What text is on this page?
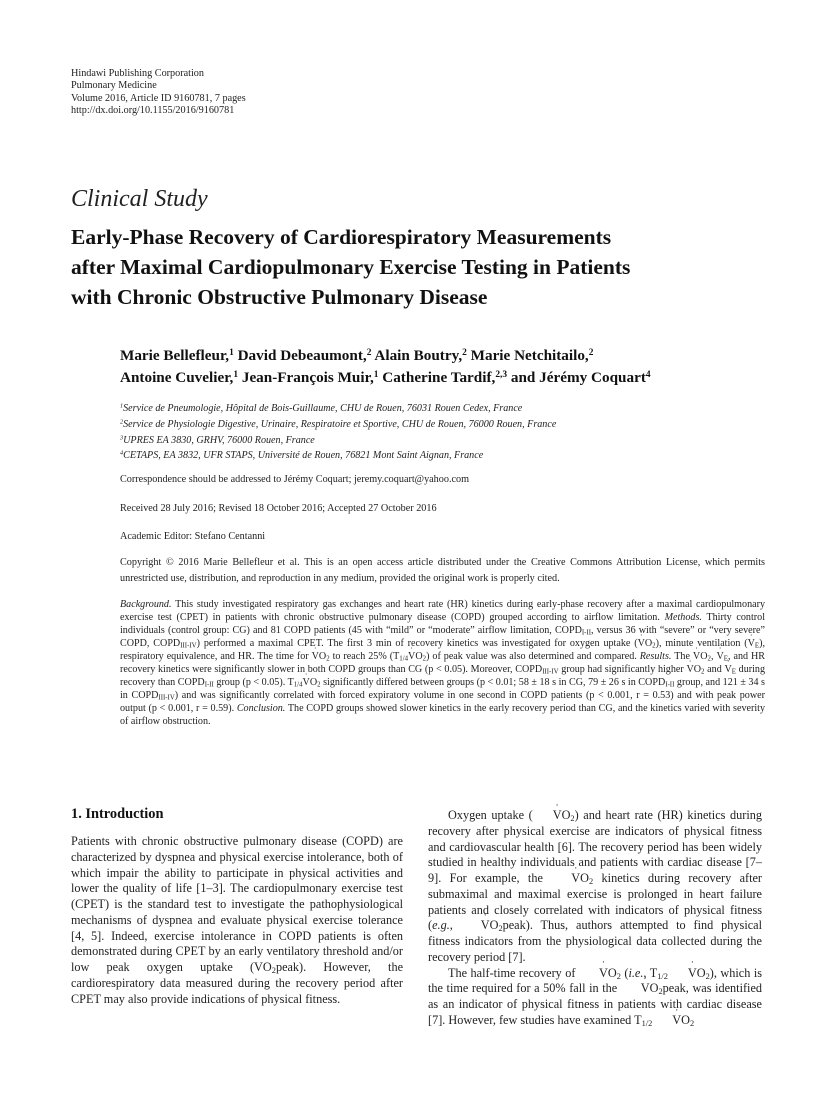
Hindawi Publishing Corporation
Pulmonary Medicine
Volume 2016, Article ID 9160781, 7 pages
http://dx.doi.org/10.1155/2016/9160781
Clinical Study
Early-Phase Recovery of Cardiorespiratory Measurements
after Maximal Cardiopulmonary Exercise Testing in Patients
with Chronic Obstructive Pulmonary Disease
Marie Bellefleur,$^1$ David Debeaumont,$^2$ Alain Boutry,$^2$ Marie Netchitailo,$^2$
Antoine Cuvelier,$^1$ Jean-François Muir,$^1$ Catherine Tardif,$^{2,3}$ and Jérémy Coquart$^4$
$^1$Service de Pneumologie, Hôpital de Bois-Guillaume, CHU de Rouen, 76031 Rouen Cedex, France
$^2$Service de Physiologie Digestive, Urinaire, Respiratoire et Sportive, CHU de Rouen, 76000 Rouen, France
$^3$UPRES EA 3830, GRHV, 76000 Rouen, France
$^4$CETAPS, EA 3832, UFR STAPS, Université de Rouen, 76821 Mont Saint Aignan, France
Correspondence should be addressed to Jérémy Coquart; jeremy.coquart@yahoo.com
Received 28 July 2016; Revised 18 October 2016; Accepted 27 October 2016
Academic Editor: Stefano Centanni
Copyright © 2016 Marie Bellefleur et al. This is an open access article distributed under the Creative Commons Attribution License, which permits unrestricted use, distribution, and reproduction in any medium, provided the original work is properly cited.
Background. This study investigated respiratory gas exchanges and heart rate (HR) kinetics during early-phase recovery after a maximal cardiopulmonary exercise test (CPET) in patients with chronic obstructive pulmonary disease (COPD) grouped according to airflow limitation. Methods. Thirty control individuals (control group: CG) and 81 COPD patients (45 with “mild” or “moderate” airflow limitation, $COPD_{I-II}$, versus 36 with “severe” or “very severe” COPD, $COPD_{III-IV}$) performed a maximal CPET. The first 3 min of recovery kinetics was investigated for oxygen uptake (˙ $VO_2$), minute ventilation (˙ $V_E$), respiratory equivalence, and HR. The time for ˙ $VO_2$ to reach 25% ($T_{1/4}˙$ $VO_2$) of peak value was also determined and compared. Results. The ˙ $VO_2$, ˙ $V_E$, and HR recovery kinetics were significantly slower in both COPD groups than CG (p < 0.05). Moreover, $COPD_{III-IV}$ group had significantly higher ˙ $VO_2$ and ˙ $V_E$ during recovery than $COPD_{I-II}$ group (p < 0.05). $T_{1/4}˙$ $VO_2$ significantly differed between groups (p < 0.01; 58 ± 18 s in CG, 79 ± 26 s in $COPD_{I-II}$ group, and 121 ± 34 s in $COPD_{III-IV}$) and was significantly correlated with forced expiratory volume in one second in COPD patients (p < 0.001, r = 0.53) and with peak power output (p < 0.001, r = 0.59). Conclusion. The COPD groups showed slower kinetics in the early recovery period than CG, and the kinetics varied with severity of airflow obstruction.
1. Introduction

Patients with chronic obstructive pulmonary disease (COPD) are characterized by dyspnea and physical exercise intolerance, both of which impair the ability to participate in physical activities and lower the quality of life [1–3]. The cardiopulmonary exercise test (CPET) is the standard test to investigate the pathophysiological mechanisms of dyspnea and evaluate physical exercise tolerance [4, 5]. Indeed, exercise intolerance in COPD patients is often demonstrated during CPET by an early ventilatory threshold and/or low peak oxygen uptake (˙ $VO_2peak$). However, the cardiorespiratory data measured during the recovery period after CPET may also provide indications of physical fitness.

Oxygen uptake (˙ $VO_2$) and heart rate (HR) kinetics during recovery after physical exercise are indicators of physical fitness and cardiovascular health [6]. The recovery period has been widely studied in healthy individuals and patients with cardiac disease [7–9]. For example, the ˙ $VO_2$ kinetics during recovery after submaximal and maximal exercise is prolonged in heart failure patients and closely correlated with indicators of physical fitness (e.g., ˙ $VO_2peak$). Thus, authors attempted to find physical fitness indicators from the physiological data collected during the recovery period [7].

The half-time recovery of ˙ $VO_2$ (i.e., $T_{1/2}˙$ $VO_2$), which is the time required for a 50% fall in the ˙ $VO_2peak$, was identified as an indicator of physical fitness in patients with cardiac disease [7]. However, few studies have examined $T_{1/2}˙$ $VO_2$
